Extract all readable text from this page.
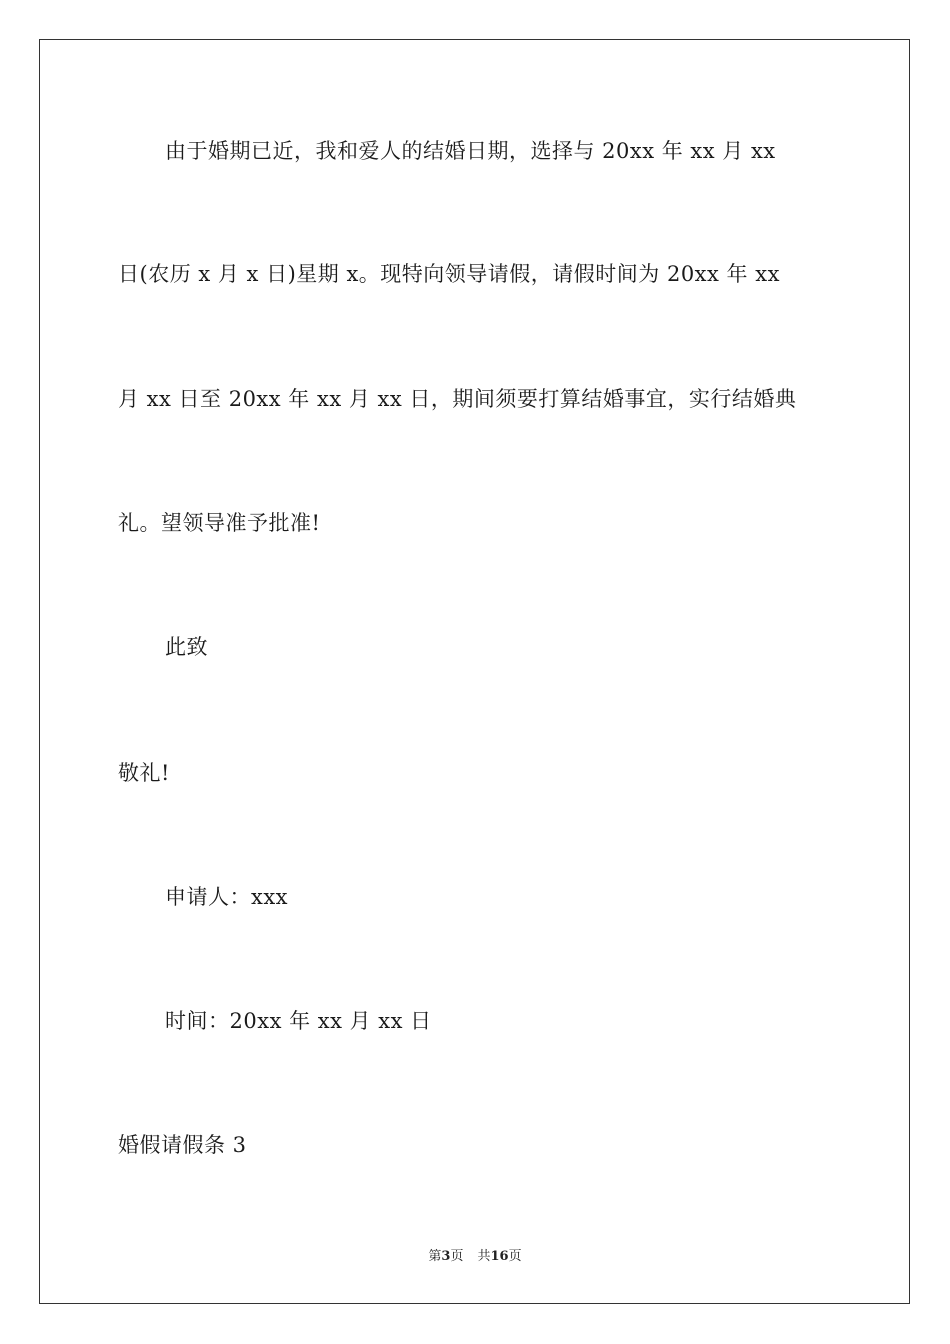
由于婚期已近，我和爱人的结婚日期，选择与 20xx 年 xx 月 xx
日(农历 x 月 x 日)星期 x。现特向领导请假，请假时间为 20xx 年 xx
月 xx 日至 20xx 年 xx 月 xx 日，期间须要打算结婚事宜，实行结婚典
礼。望领导准予批准!
此致
敬礼!
申请人：xxx
时间：20xx 年 xx 月 xx 日
婚假请假条 3
第3页 共16页
